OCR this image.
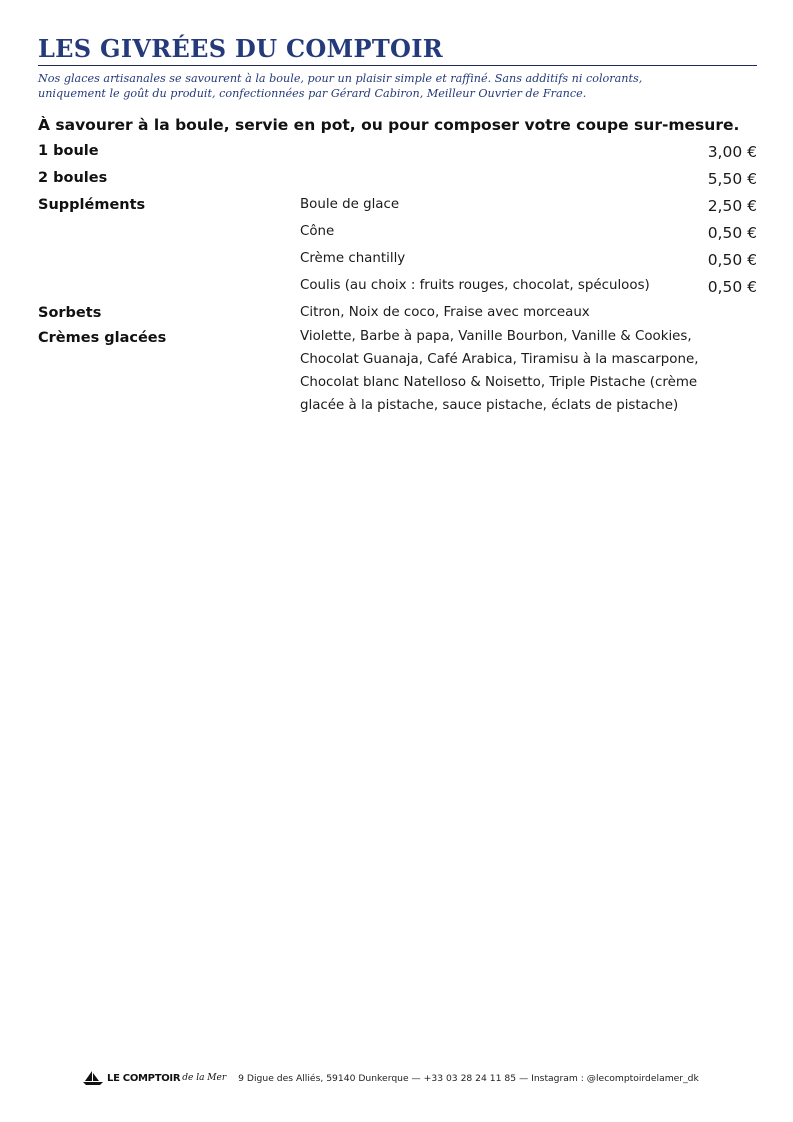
LES GIVRÉES DU COMPTOIR

Nos glaces artisanales se savourent à la boule, pour un plaisir simple et raffiné. Sans additifs ni colorants,
uniquement le goût du produit, confectionnées par Gérard Cabiron, Meilleur Ouvrier de France.

À savourer à la boule, servie en pot, ou pour composer votre coupe sur-mesure.
1 boule	3,00 €
2 boules	5,50 €
Suppléments	Boule de glace	2,50 €
Cône	0,50 €
Crème chantilly	0,50 €
Coulis (au choix : fruits rouges, chocolat, spéculoos)	0,50 €
Sorbets	Citron, Noix de coco, Fraise avec morceaux
Crèmes glacées	Violette, Barbe à papa, Vanille Bourbon, Vanille & Cookies,
Chocolat Guanaja, Café Arabica, Tiramisu à la mascarpone,
Chocolat blanc Natelloso & Noisetto, Triple Pistache (crème
glacée à la pistache, sauce pistache, éclats de pistache)
LE COMPTOIR de la Mer 9 Digue des Alliés, 59140 Dunkerque — +33 03 28 24 11 85 — Instagram : @lecomptoirdelamer_dk
